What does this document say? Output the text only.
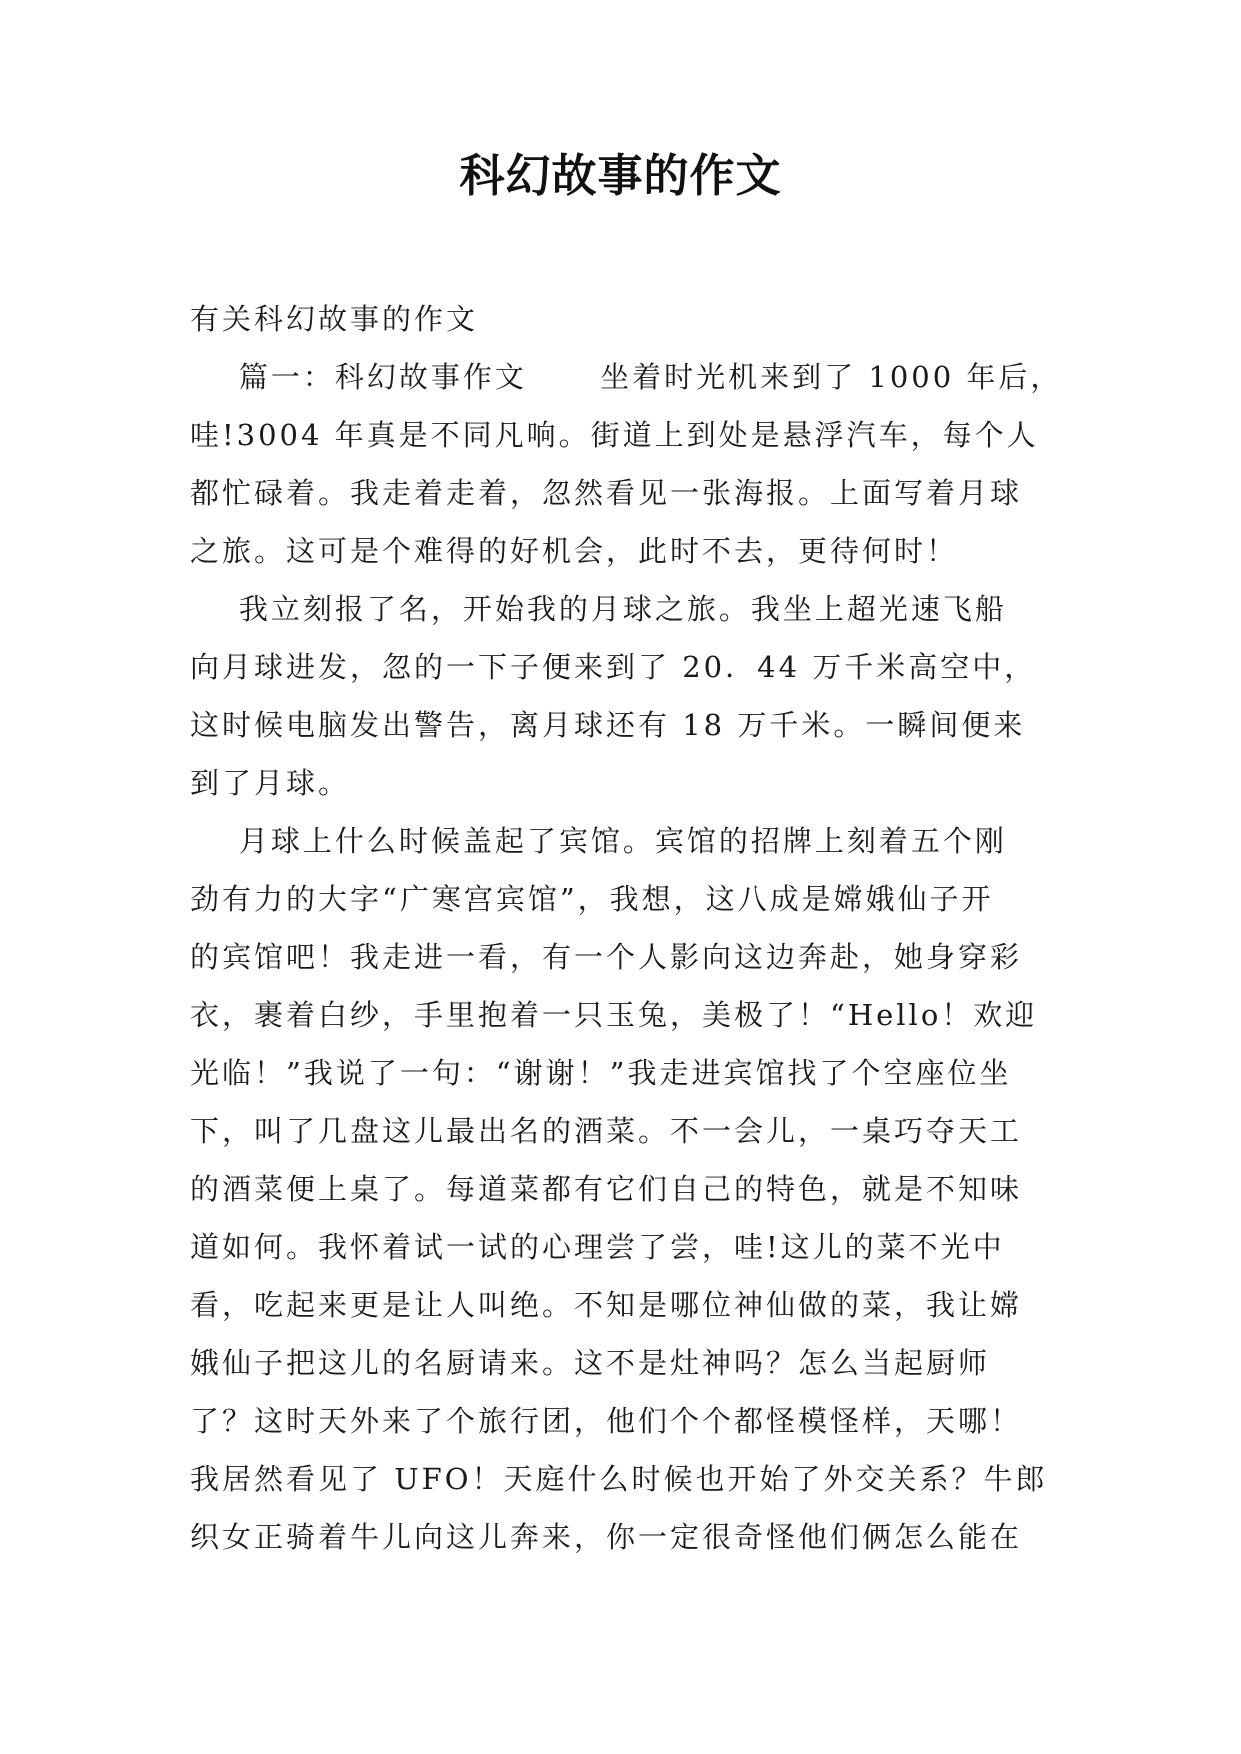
科幻故事的作文
有关科幻故事的作文
篇一：科幻故事作文      坐着时光机来到了 1000 年后，
哇!3004 年真是不同凡响。街道上到处是悬浮汽车，每个人
都忙碌着。我走着走着，忽然看见一张海报。上面写着月球
之旅。这可是个难得的好机会，此时不去，更待何时！
我立刻报了名，开始我的月球之旅。我坐上超光速飞船
向月球进发，忽的一下子便来到了 20．44 万千米高空中，
这时候电脑发出警告，离月球还有 18 万千米。一瞬间便来
到了月球。
月球上什么时候盖起了宾馆。宾馆的招牌上刻着五个刚
劲有力的大字“广寒宫宾馆”，我想，这八成是嫦娥仙子开
的宾馆吧！我走进一看，有一个人影向这边奔赴，她身穿彩
衣，裹着白纱，手里抱着一只玉兔，美极了！“Hello！欢迎
光临！”我说了一句：“谢谢！”我走进宾馆找了个空座位坐
下，叫了几盘这儿最出名的酒菜。不一会儿，一桌巧夺天工
的酒菜便上桌了。每道菜都有它们自己的特色，就是不知味
道如何。我怀着试一试的心理尝了尝，哇!这儿的菜不光中
看，吃起来更是让人叫绝。不知是哪位神仙做的菜，我让嫦
娥仙子把这儿的名厨请来。这不是灶神吗？怎么当起厨师
了？这时天外来了个旅行团，他们个个都怪模怪样，天哪！
我居然看见了 UFO！天庭什么时候也开始了外交关系？牛郎
织女正骑着牛儿向这儿奔来，你一定很奇怪他们俩怎么能在
